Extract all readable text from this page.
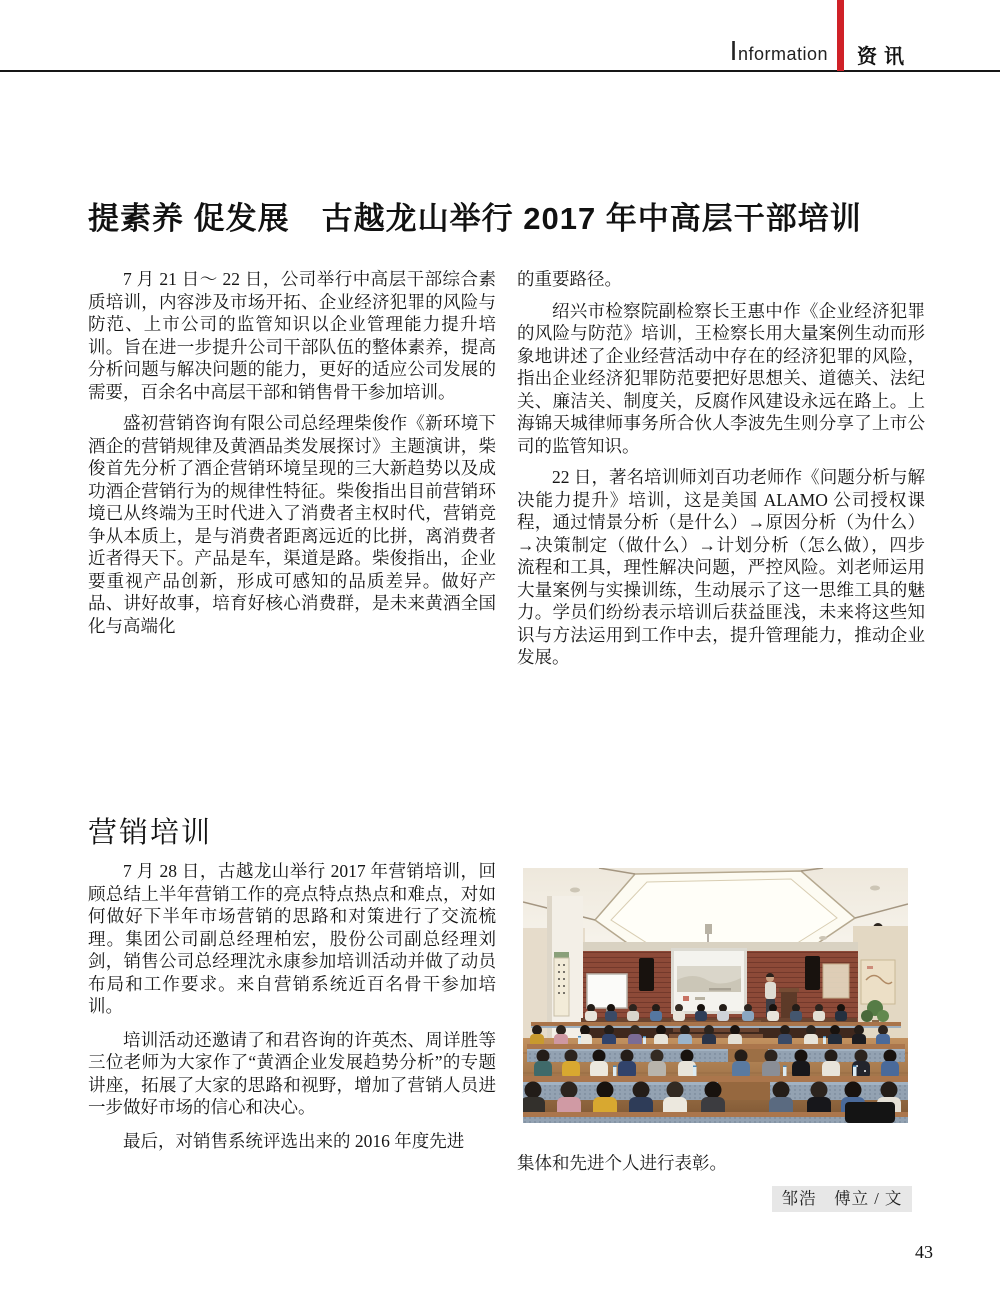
Information 资讯
提素养 促发展　古越龙山举行 2017 年中高层干部培训

7 月 21 日～ 22 日，公司举行中高层干部综合素质培训，内容涉及市场开拓、企业经济犯罪的风险与防范、上市公司的监管知识以企业管理能力提升培训。旨在进一步提升公司干部队伍的整体素养，提高分析问题与解决问题的能力，更好的适应公司发展的需要，百余名中高层干部和销售骨干参加培训。

盛初营销咨询有限公司总经理柴俊作《新环境下酒企的营销规律及黄酒品类发展探讨》主题演讲，柴俊首先分析了酒企营销环境呈现的三大新趋势以及成功酒企营销行为的规律性特征。柴俊指出目前营销环境已从终端为王时代进入了消费者主权时代，营销竞争从本质上，是与消费者距离远近的比拼，离消费者近者得天下。产品是车，渠道是路。柴俊指出，企业要重视产品创新，形成可感知的品质差异。做好产品、讲好故事，培育好核心消费群，是未来黄酒全国化与高端化

的重要路径。

绍兴市检察院副检察长王惠中作《企业经济犯罪的风险与防范》培训，王检察长用大量案例生动而形象地讲述了企业经营活动中存在的经济犯罪的风险，指出企业经济犯罪防范要把好思想关、道德关、法纪关、廉洁关、制度关，反腐作风建设永远在路上。上海锦天城律师事务所合伙人李波先生则分享了上市公司的监管知识。

22 日，著名培训师刘百功老师作《问题分析与解决能力提升》培训，这是美国 ALAMO 公司授权课程，通过情景分析（是什么）→原因分析（为什么）→决策制定（做什么）→计划分析（怎么做），四步流程和工具，理性解决问题，严控风险。刘老师运用大量案例与实操训练，生动展示了这一思维工具的魅力。学员们纷纷表示培训后获益匪浅，未来将这些知识与方法运用到工作中去，提升管理能力，推动企业发展。

营销培训

7 月 28 日，古越龙山举行 2017 年营销培训，回顾总结上半年营销工作的亮点特点热点和难点，对如何做好下半年市场营销的思路和对策进行了交流梳理。集团公司副总经理柏宏，股份公司副总经理刘剑，销售公司总经理沈永康参加培训活动并做了动员布局和工作要求。来自营销系统近百名骨干参加培训。

培训活动还邀请了和君咨询的许英杰、周详胜等三位老师为大家作了“黄酒企业发展趋势分析”的专题讲座，拓展了大家的思路和视野，增加了营销人员进一步做好市场的信心和决心。

最后，对销售系统评选出来的 2016 年度先进

集体和先进个人进行表彰。
邹浩　傅立 / 文
43
